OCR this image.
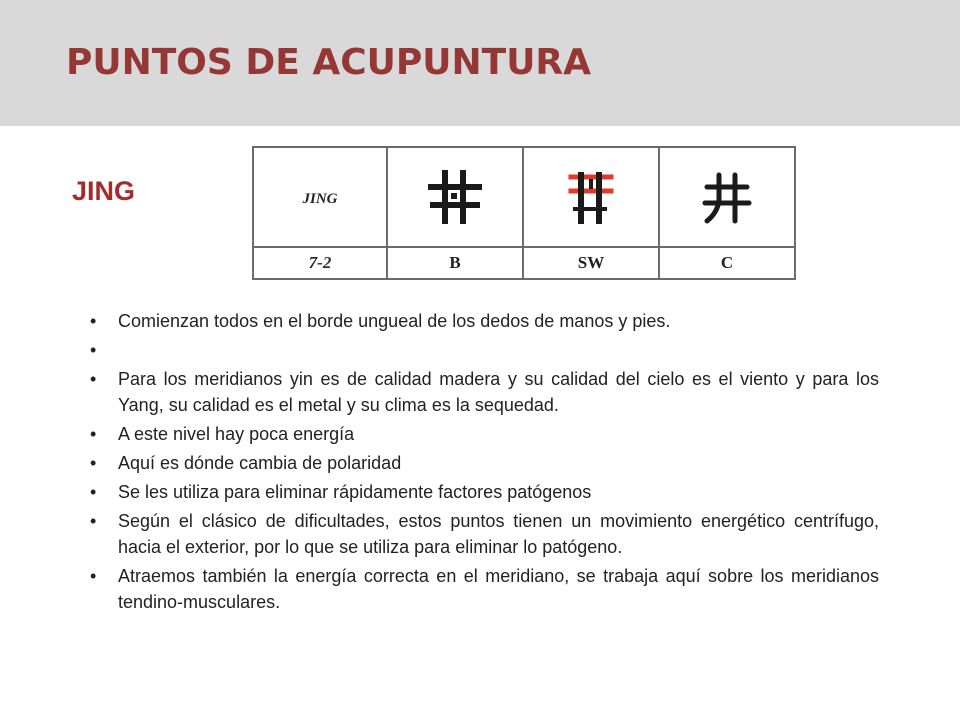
PUNTOS DE ACUPUNTURA
JING	JING

7-2	B	SW	C
• Comienzan todos en el borde ungueal de los dedos de manos y pies.
•
• Para los meridianos yin es de calidad madera y su calidad del cielo es el viento y para los Yang, su calidad es el metal y su clima es la sequedad.
• A este nivel hay poca energía
• Aquí es dónde cambia de polaridad
• Se les utiliza para eliminar rápidamente factores patógenos
• Según el clásico de dificultades, estos puntos tienen un movimiento energético centrífugo, hacia el exterior, por lo que se utiliza para eliminar lo patógeno.
• Atraemos también la energía correcta en el meridiano, se trabaja aquí sobre los meridianos tendino-musculares.
